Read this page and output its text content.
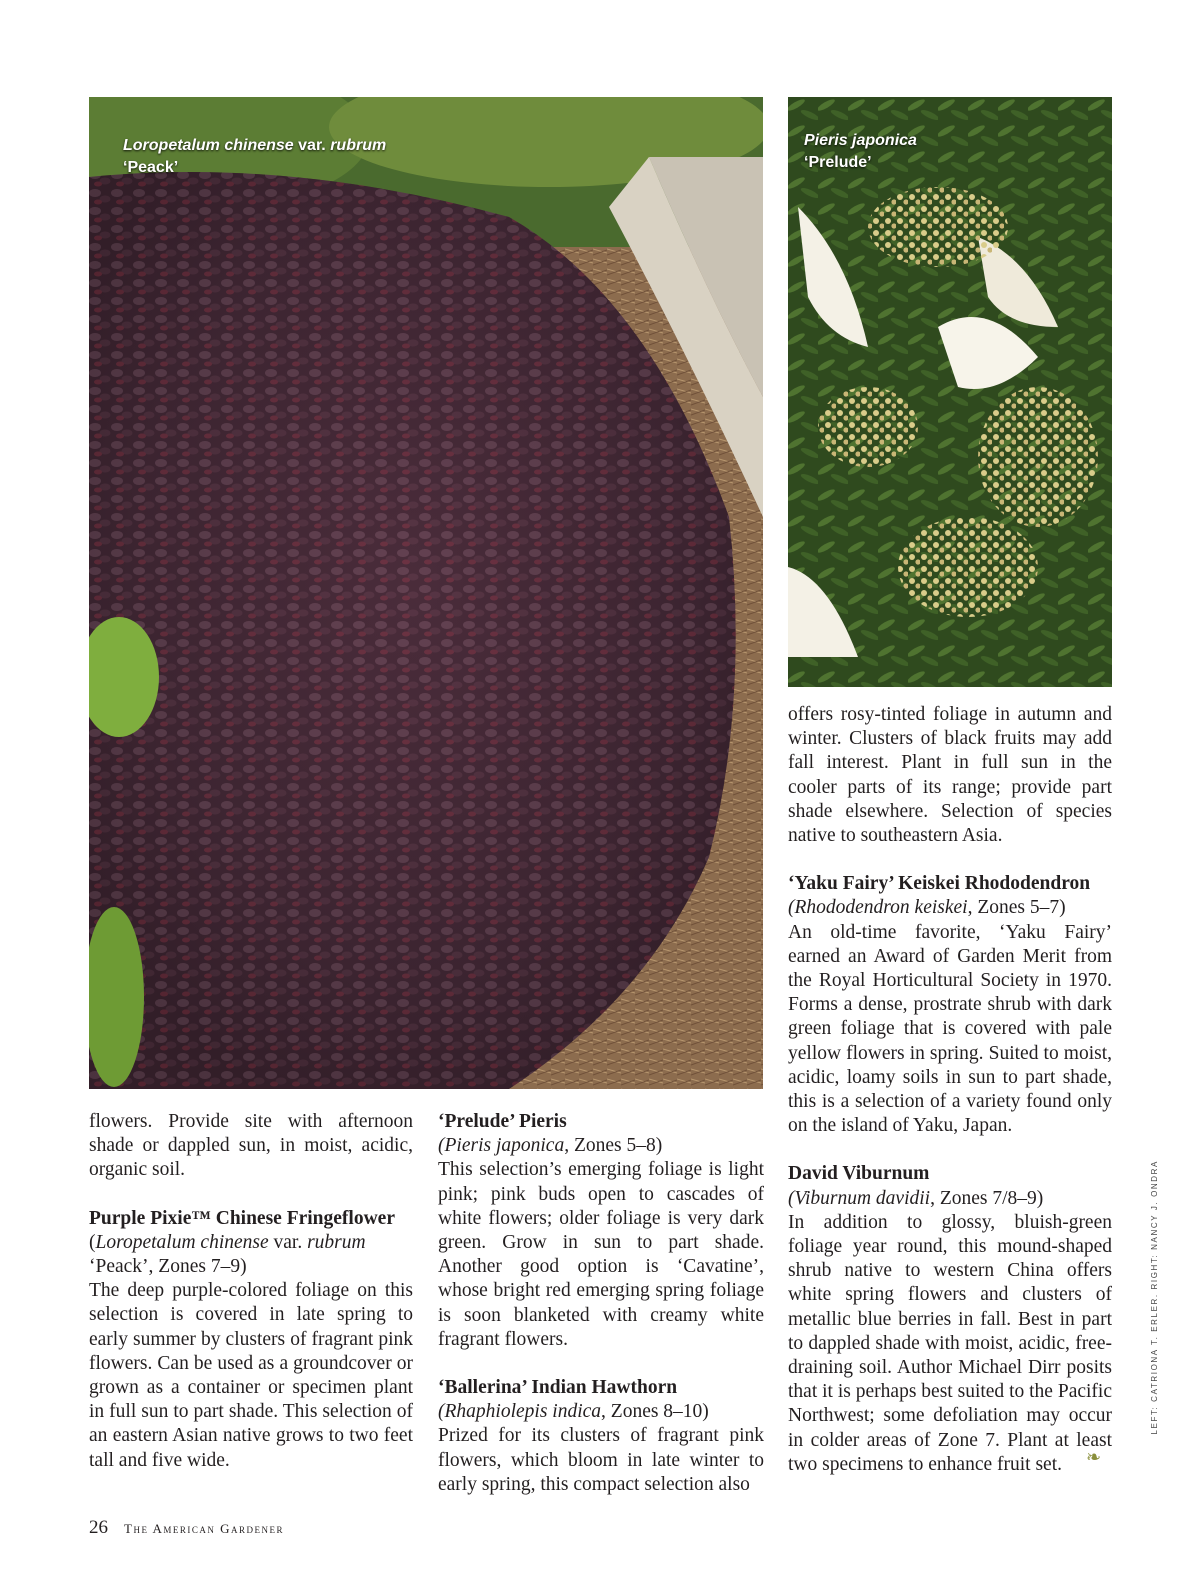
Loropetalum chinense var. rubrum
‘Peack’
Pieris japonica
‘Prelude’

flowers. Provide site with afternoon shade or dappled sun, in moist, acidic, organic soil.

Purple Pixie™ Chinese Fringeflower

(Loropetalum chinense var. rubrum
‘Peack’, Zones 7–9)

The deep purple-colored foliage on this selection is covered in late spring to early summer by clusters of fragrant pink flowers. Can be used as a groundcover or grown as a container or specimen plant in full sun to part shade. This selection of an eastern Asian native grows to two feet tall and five wide.

‘Prelude’ Pieris

(Pieris japonica, Zones 5–8)

This selection’s emerging foliage is light pink; pink buds open to cascades of white flowers; older foliage is very dark green. Grow in sun to part shade. Another good option is ‘Cavatine’, whose bright red emerging spring foliage is soon blanketed with creamy white fragrant flowers.

‘Ballerina’ Indian Hawthorn

(Rhaphiolepis indica, Zones 8–10)

Prized for its clusters of fragrant pink flowers, which bloom in late winter to early spring, this compact selection also

offers rosy-tinted foliage in autumn and winter. Clusters of black fruits may add fall interest. Plant in full sun in the cooler parts of its range; provide part shade elsewhere. Selection of species native to southeastern Asia.

‘Yaku Fairy’ Keiskei Rhododendron

(Rhododendron keiskei, Zones 5–7)

An old-time favorite, ‘Yaku Fairy’ earned an Award of Garden Merit from the Royal Horticultural Society in 1970. Forms a dense, prostrate shrub with dark green foliage that is covered with pale yellow flowers in spring. Suited to moist, acidic, loamy soils in sun to part shade, this is a selection of a variety found only on the island of Yaku, Japan.

David Viburnum

(Viburnum davidii, Zones 7/8–9)

In addition to glossy, bluish-green foliage year round, this mound-shaped shrub native to western China offers white spring flowers and clusters of metallic blue berries in fall. Best in part to dappled shade with moist, acidic, free-draining soil. Author Michael Dirr posits that it is perhaps best suited to the Pacific Northwest; some defoliation may occur in colder areas of Zone 7. Plant at least two specimens to enhance fruit set.	❧
LEFT: CATRIONA T. ERLER. RIGHT: NANCY J. ONDRA
26 The American Gardener
